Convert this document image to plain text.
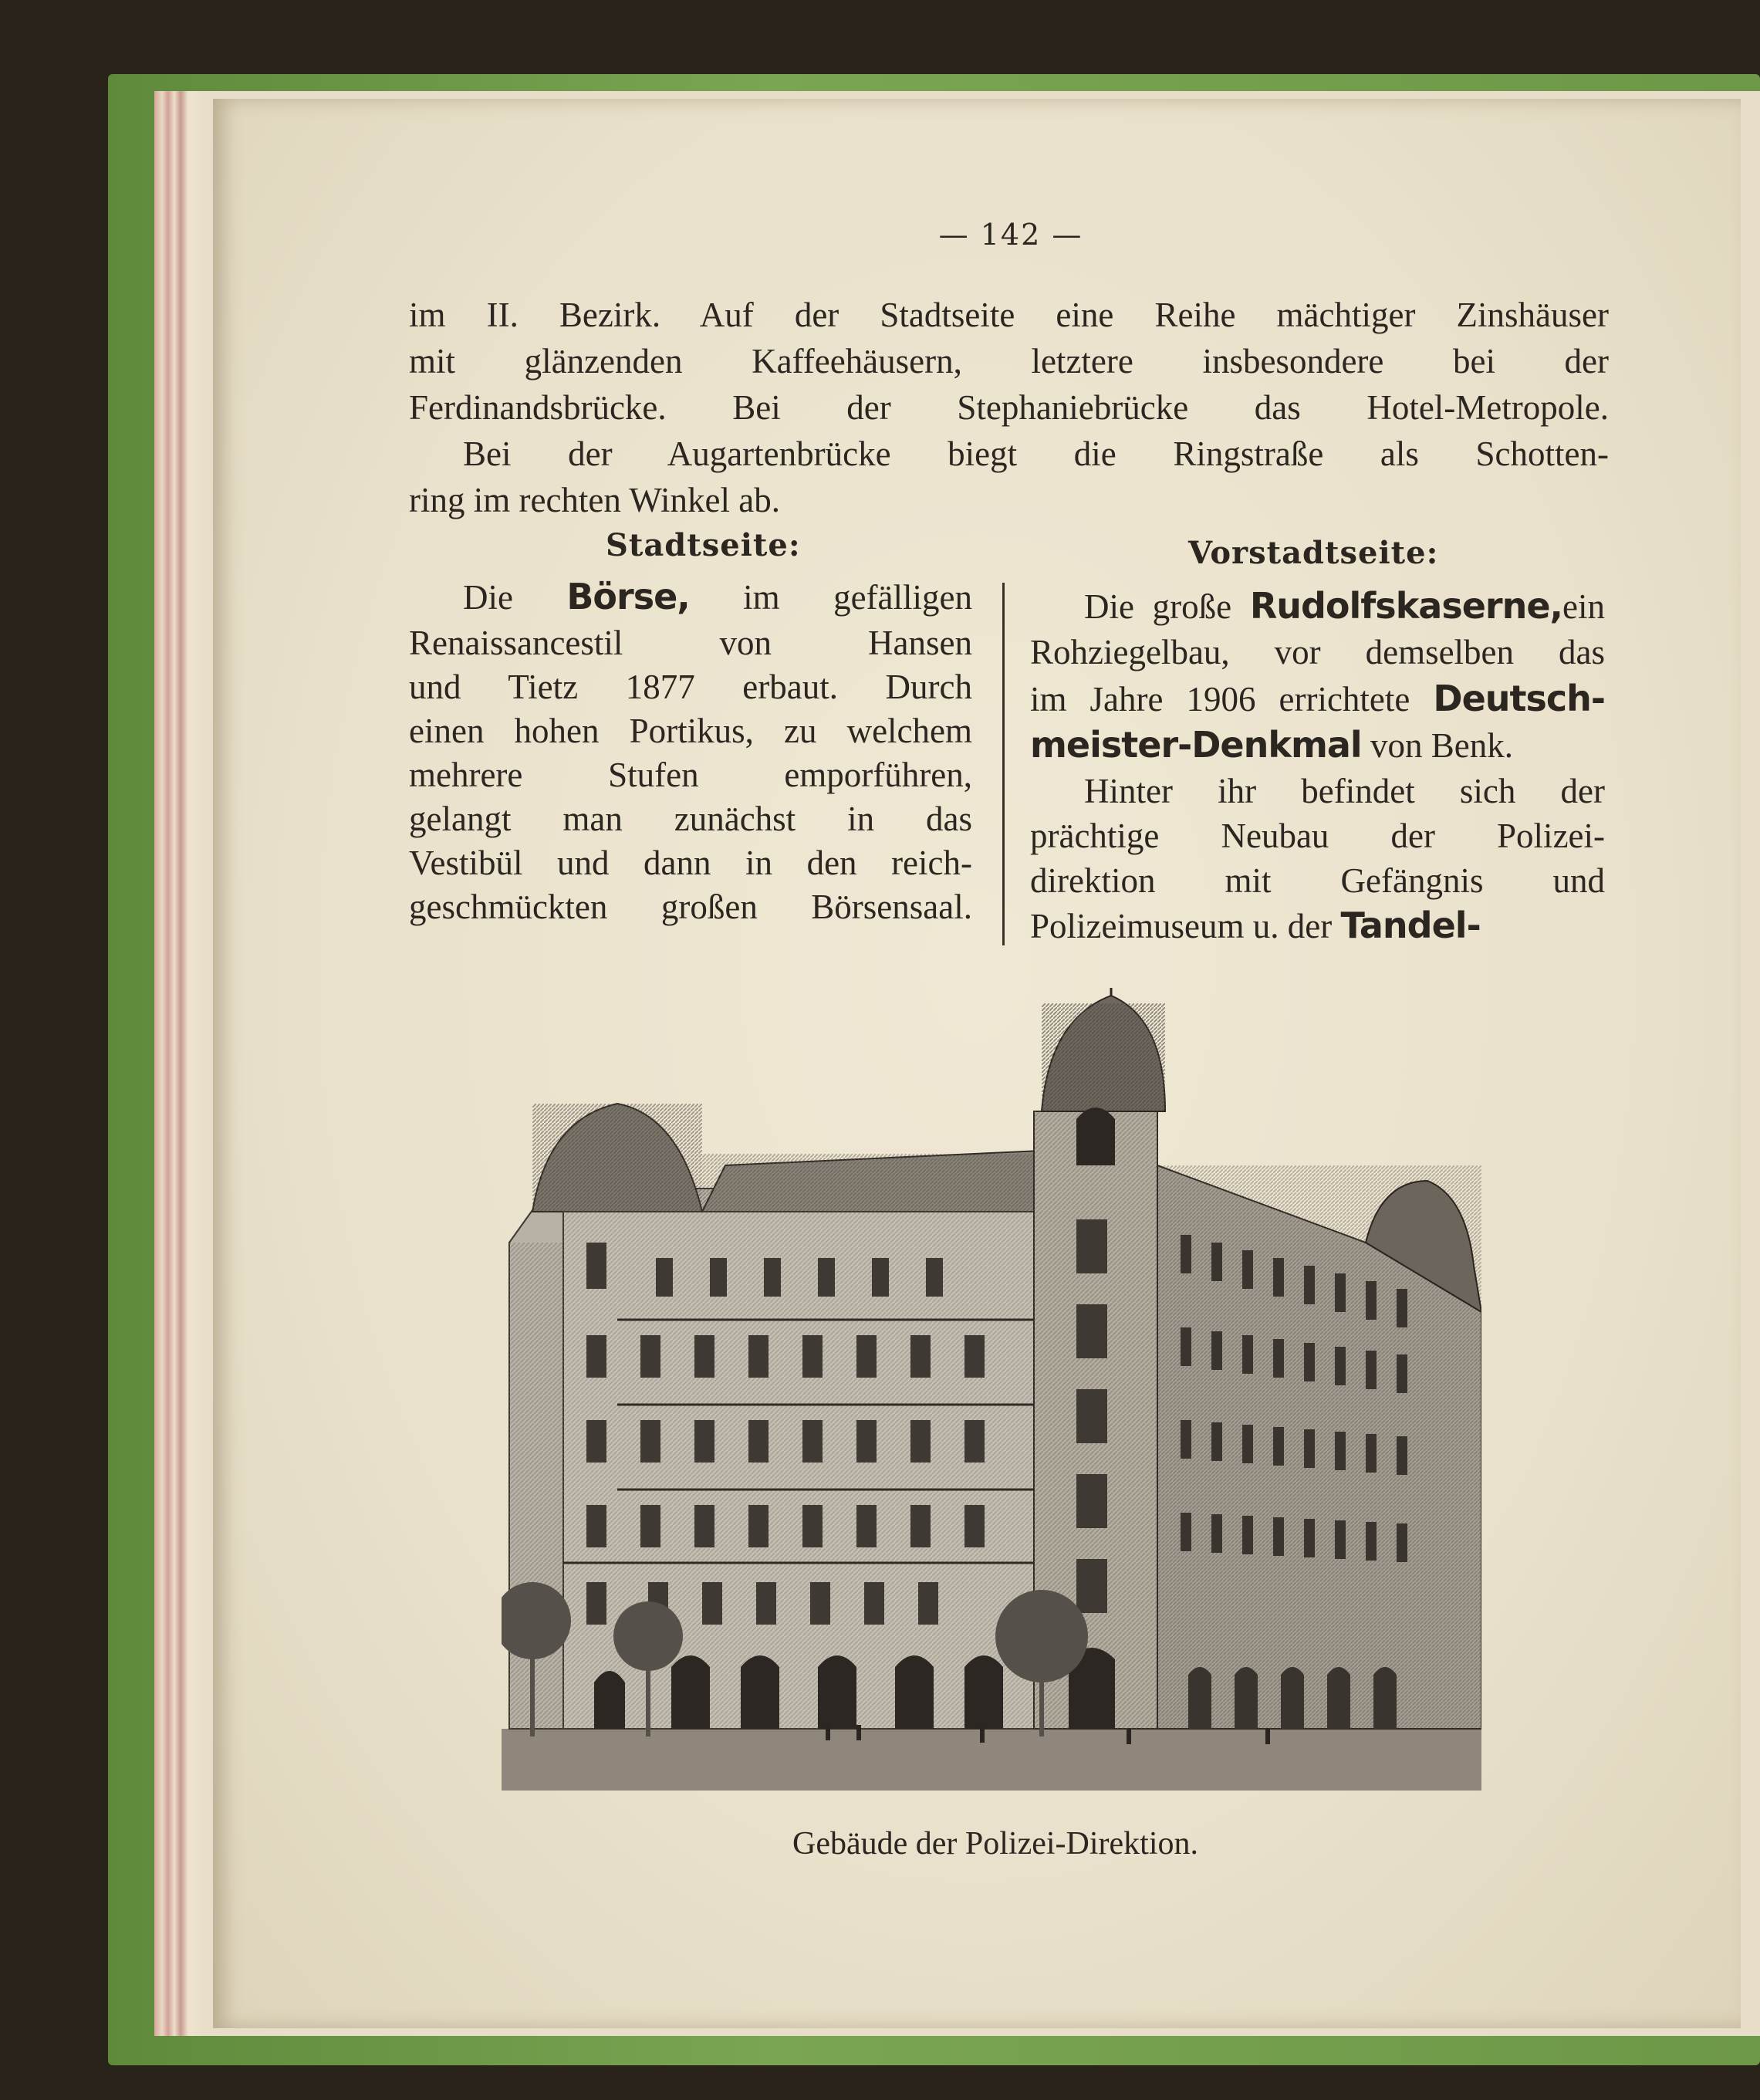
— 142 —
im II. Bezirk. Auf der Stadtseite eine Reihe mächtiger Zinshäuser
mit glänzenden Kaffeehäusern, letztere insbesondere bei der
Ferdinandsbrücke. Bei der Stephaniebrücke das Hotel-Metropole.
Bei der Augartenbrücke biegt die Ringstraße als Schotten-
ring im rechten Winkel ab.
Stadtseite:	Vorstadtseite:
Die Börse, im gefälligen
Renaissancestil von Hansen
und Tietz 1877 erbaut. Durch
einen hohen Portikus, zu welchem
mehrere Stufen emporführen,
gelangt man zunächst in das
Vestibül und dann in den reich-
geschmückten großen Börsensaal.
Die große Rudolfskaserne,ein
Rohziegelbau, vor demselben das
im Jahre 1906 errichtete Deutsch-
meister-Denkmal von Benk.
Hinter ihr befindet sich der
prächtige Neubau der Polizei-
direktion mit Gefängnis und
Polizeimuseum u. der Tandel-
Gebäude der Polizei-Direktion.
